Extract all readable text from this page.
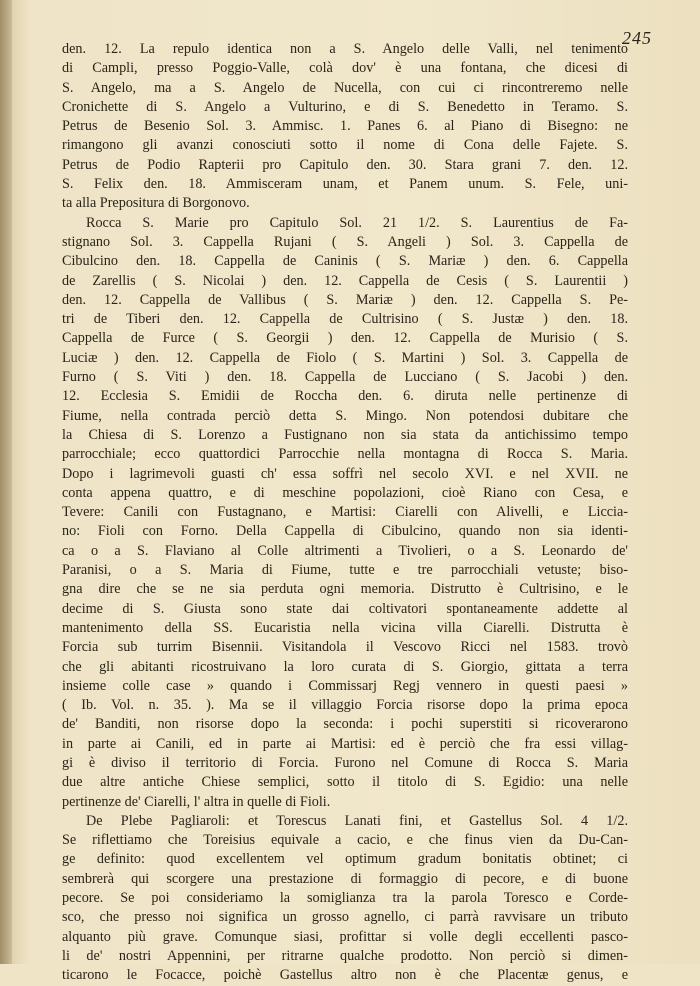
245
den. 12. La repulo identica non a S. Angelo delle Valli, nel tenimento
di Campli, presso Poggio-Valle, colà dov' è una fontana, che dicesi di
S. Angelo, ma a S. Angelo de Nucella, con cui ci rincontreremo nelle
Cronichette di S. Angelo a Vulturino, e di S. Benedetto in Teramo. S.
Petrus de Besenio Sol. 3. Ammisc. 1. Panes 6. al Piano di Bisegno: ne
rimangono gli avanzi conosciuti sotto il nome di Cona delle Fajete. S.
Petrus de Podio Rapterii pro Capitulo den. 30. Stara grani 7. den. 12.
S. Felix den. 18. Ammisceram unam, et Panem unum. S. Fele, uni-
ta alla Prepositura di Borgonovo.
Rocca S. Marie pro Capitulo Sol. 21 1/2. S. Laurentius de Fa-
stignano Sol. 3. Cappella Rujani ( S. Angeli ) Sol. 3. Cappella de
Cibulcino den. 18. Cappella de Caninis ( S. Mariæ ) den. 6. Cappella
de Zarellis ( S. Nicolai ) den. 12. Cappella de Cesis ( S. Laurentii )
den. 12. Cappella de Vallibus ( S. Mariæ ) den. 12. Cappella S. Pe-
tri de Tiberi den. 12. Cappella de Cultrisino ( S. Justæ ) den. 18.
Cappella de Furce ( S. Georgii ) den. 12. Cappella de Murisio ( S.
Luciæ ) den. 12. Cappella de Fiolo ( S. Martini ) Sol. 3. Cappella de
Furno ( S. Viti ) den. 18. Cappella de Lucciano ( S. Jacobi ) den.
12. Ecclesia S. Emidii de Roccha den. 6. diruta nelle pertinenze di
Fiume, nella contrada perciò detta S. Mingo. Non potendosi dubitare che
la Chiesa di S. Lorenzo a Fustignano non sia stata da antichissimo tempo
parrocchiale; ecco quattordici Parrocchie nella montagna di Rocca S. Maria.
Dopo i lagrimevoli guasti ch' essa soffrì nel secolo XVI. e nel XVII. ne
conta appena quattro, e di meschine popolazioni, cioè Riano con Cesa, e
Tevere: Canili con Fustagnano, e Martisi: Ciarelli con Alivelli, e Liccia-
no: Fioli con Forno. Della Cappella di Cibulcino, quando non sia identi-
ca o a S. Flaviano al Colle altrimenti a Tivolieri, o a S. Leonardo de'
Paranisi, o a S. Maria di Fiume, tutte e tre parrocchiali vetuste; biso-
gna dire che se ne sia perduta ogni memoria. Distrutto è Cultrisino, e le
decime di S. Giusta sono state dai coltivatori spontaneamente addette al
mantenimento della SS. Eucaristia nella vicina villa Ciarelli. Distrutta è
Forcia sub turrim Bisennii. Visitandola il Vescovo Ricci nel 1583. trovò
che gli abitanti ricostruivano la loro curata di S. Giorgio, gittata a terra
insieme colle case » quando i Commissarj Regj vennero in questi paesi »
( Ib. Vol. n. 35. ). Ma se il villaggio Forcia risorse dopo la prima epoca
de' Banditi, non risorse dopo la seconda: i pochi superstiti si ricoverarono
in parte ai Canili, ed in parte ai Martisi: ed è perciò che fra essi villag-
gi è diviso il territorio di Forcia. Furono nel Comune di Rocca S. Maria
due altre antiche Chiese semplici, sotto il titolo di S. Egidio: una nelle
pertinenze de' Ciarelli, l' altra in quelle di Fioli.
De Plebe Pagliaroli: et Torescus Lanati fini, et Gastellus Sol. 4 1/2.
Se riflettiamo che Toreisius equivale a cacio, e che finus vien da Du-Can-
ge definito: quod excellentem vel optimum gradum bonitatis obtinet; ci
sembrerà qui scorgere una prestazione di formaggio di pecore, e di buone
pecore. Se poi consideriamo la somiglianza tra la parola Toresco e Corde-
sco, che presso noi significa un grosso agnello, ci parrà ravvisare un tributo
alquanto più grave. Comunque siasi, profittar si volle degli eccellenti pasco-
li de' nostri Appennini, per ritrarne qualche prodotto. Non perciò si dimen-
ticarono le Focacce, poichè Gastellus altro non è che Placentæ genus, e
